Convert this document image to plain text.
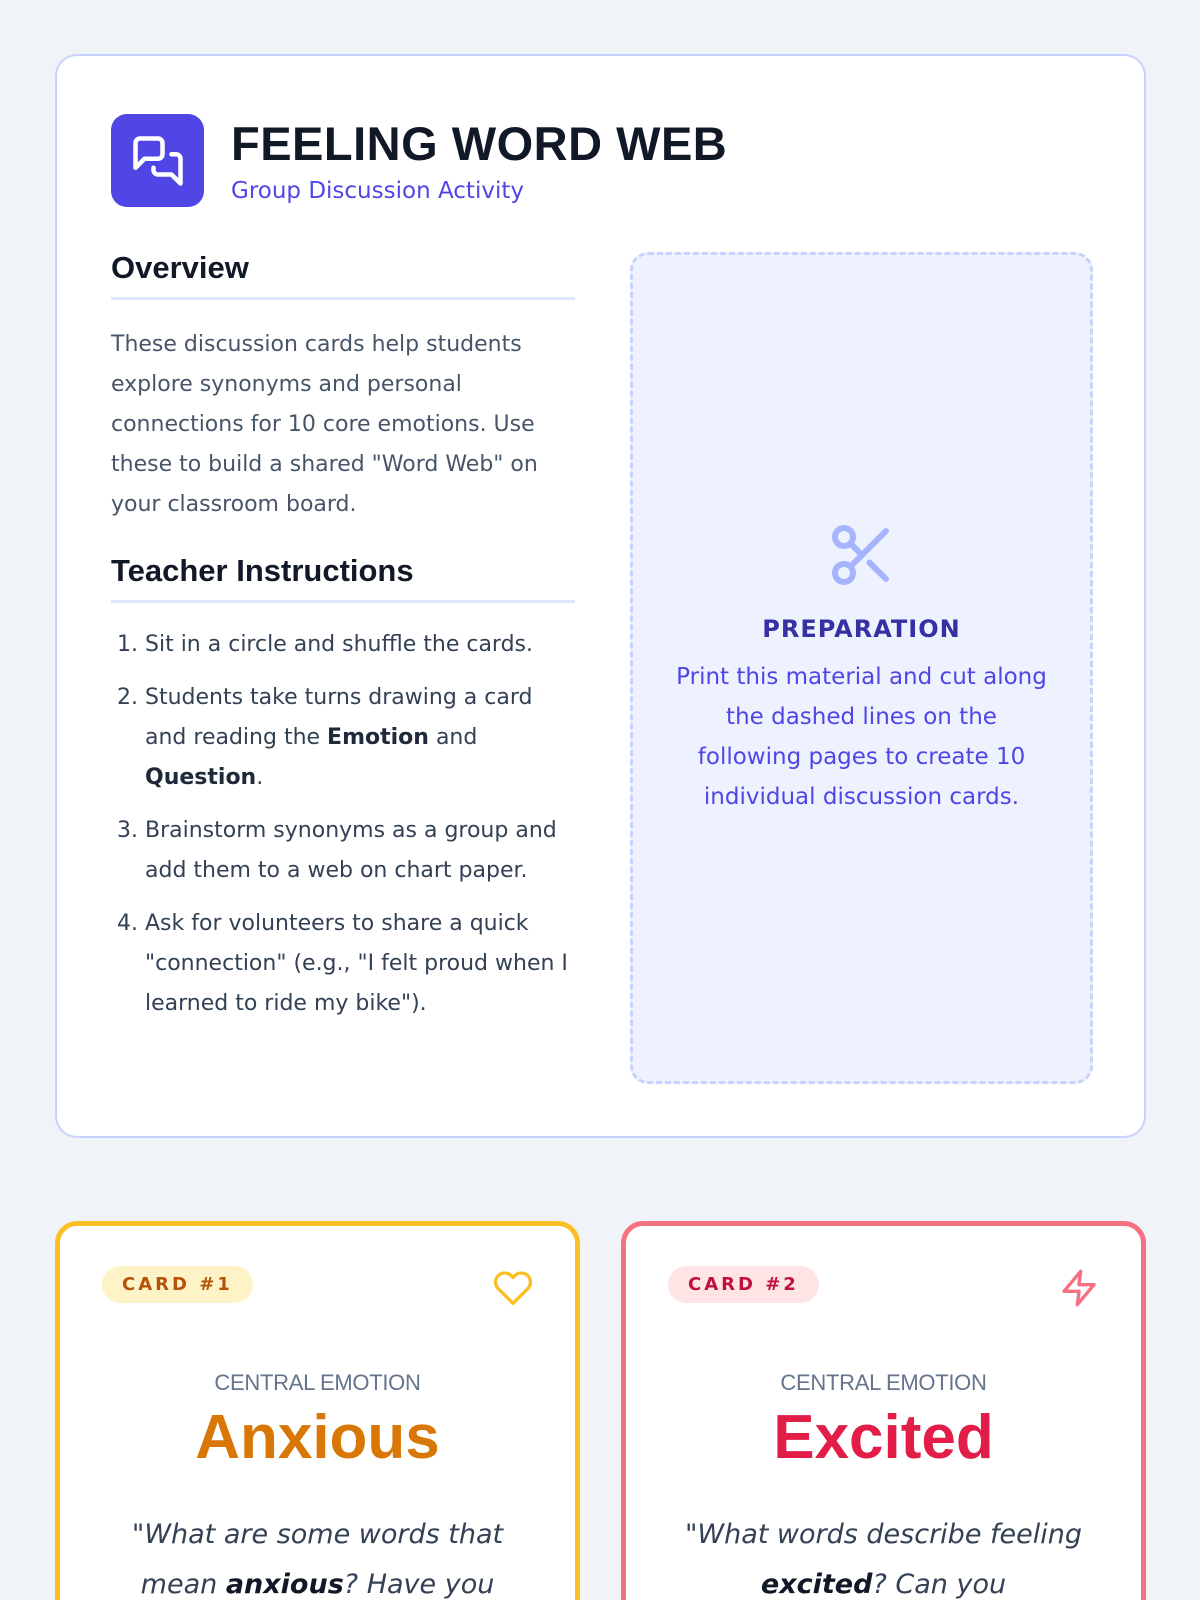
FEELING WORD WEB
Group Discussion Activity
Overview

These discussion cards help students explore synonyms and personal connections for 10 core emotions. Use these to build a shared "Word Web" on your classroom board.

Teacher Instructions
1. Sit in a circle and shuffle the cards.
2. Students take turns drawing a card and reading the Emotion and Question.
3. Brainstorm synonyms as a group and add them to a web on chart paper.
4. Ask for volunteers to share a quick "connection" (e.g., "I felt proud when I learned to ride my bike").
PREPARATION
Print this material and cut along the dashed lines on the following pages to create 10 individual discussion cards.
CARD #1
CENTRAL EMOTION
Anxious
"What are some words that mean anxious? Have you
CARD #2
CENTRAL EMOTION
Excited
"What words describe feeling excited? Can you
